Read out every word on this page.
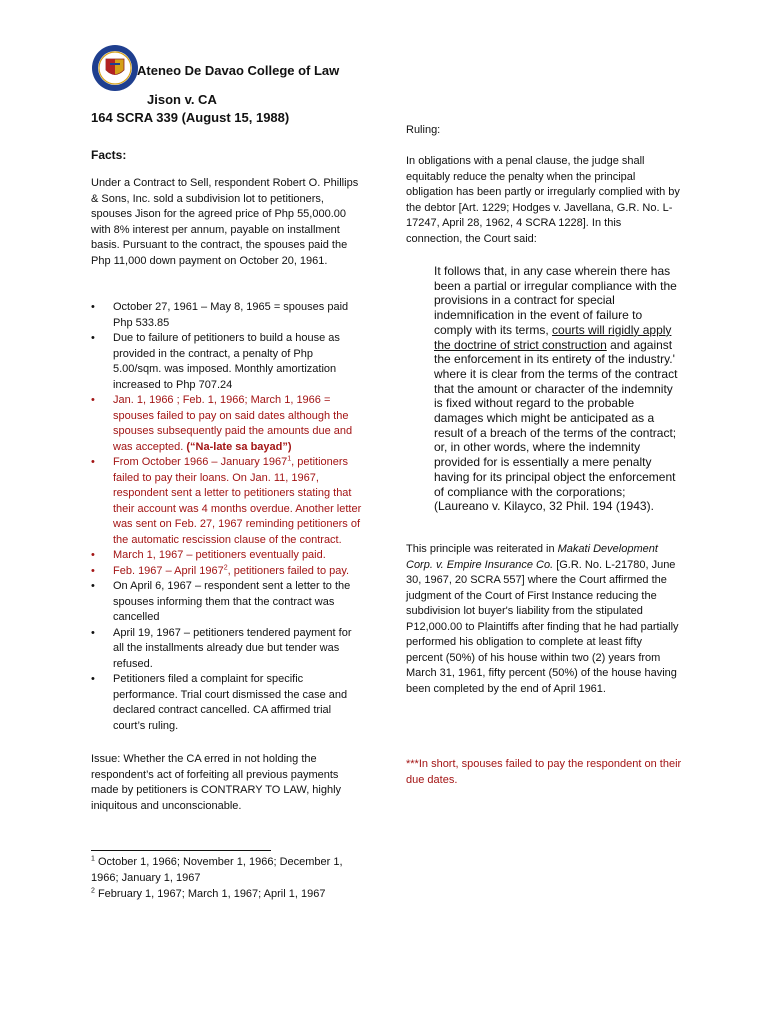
Ateneo De Davao College of Law
Jison v. CA
164 SCRA 339 (August 15, 1988)
Facts:
Under a Contract to Sell, respondent Robert O. Phillips & Sons, Inc. sold a subdivision lot to petitioners, spouses Jison for the agreed price of Php 55,000.00 with 8% interest per annum, payable on installment basis. Pursuant to the contract, the spouses paid the Php 11,000 down payment on October 20, 1961.
• October 27, 1961 – May 8, 1965 = spouses paid Php 533.85
• Due to failure of petitioners to build a house as provided in the contract, a penalty of Php 5.00/sqm. was imposed. Monthly amortization increased to Php 707.24
• Jan. 1, 1966 ; Feb. 1, 1966; March 1, 1966 = spouses failed to pay on said dates although the spouses subsequently paid the amounts due and was accepted. (“Na-late sa bayad”)
• From October 1966 – January 1967$^1$, petitioners failed to pay their loans. On Jan. 11, 1967, respondent sent a letter to petitioners stating that their account was 4 months overdue. Another letter was sent on Feb. 27, 1967 reminding petitioners of the automatic rescission clause of the contract.
• March 1, 1967 – petitioners eventually paid.
• Feb. 1967 – April 1967$^2$, petitioners failed to pay.
• On April 6, 1967 – respondent sent a letter to the spouses informing them that the contract was cancelled
• April 19, 1967 – petitioners tendered payment for all the installments already due but tender was refused.
• Petitioners filed a complaint for specific performance. Trial court dismissed the case and declared contract cancelled. CA affirmed trial court’s ruling.
Issue: Whether the CA erred in not holding the respondent’s act of forfeiting all previous payments made by petitioners is CONTRARY TO LAW, highly iniquitous and unconscionable.
$^1$ October 1, 1966; November 1, 1966; December 1, 1966; January 1, 1967
$^2$ February 1, 1967; March 1, 1967; April 1, 1967
Ruling:
In obligations with a penal clause, the judge shall equitably reduce the penalty when the principal obligation has been partly or irregularly complied with by the debtor [Art. 1229; Hodges v. Javellana, G.R. No. L-17247, April 28, 1962, 4 SCRA 1228]. In this connection, the Court said:
It follows that, in any case wherein there has been a partial or irregular compliance with the provisions in a contract for special indemnification in the event of failure to comply with its terms, courts will rigidly apply the doctrine of strict construction and against the enforcement in its entirety of the industry.' where it is clear from the terms of the contract that the amount or character of the indemnity is fixed without regard to the probable damages which might be anticipated as a result of a breach of the terms of the contract; or, in other words, where the indemnity provided for is essentially a mere penalty having for its principal object the enforcement of compliance with the corporations; (Laureano v. Kilayco, 32 Phil. 194 (1943).
This principle was reiterated in Makati Development Corp. v. Empire Insurance Co. [G.R. No. L-21780, June 30, 1967, 20 SCRA 557] where the Court affirmed the judgment of the Court of First Instance reducing the subdivision lot buyer's liability from the stipulated P12,000.00 to Plaintiffs after finding that he had partially performed his obligation to complete at least fifty percent (50%) of his house within two (2) years from March 31, 1961, fifty percent (50%) of the house having been completed by the end of April 1961.
***In short, spouses failed to pay the respondent on their due dates.
